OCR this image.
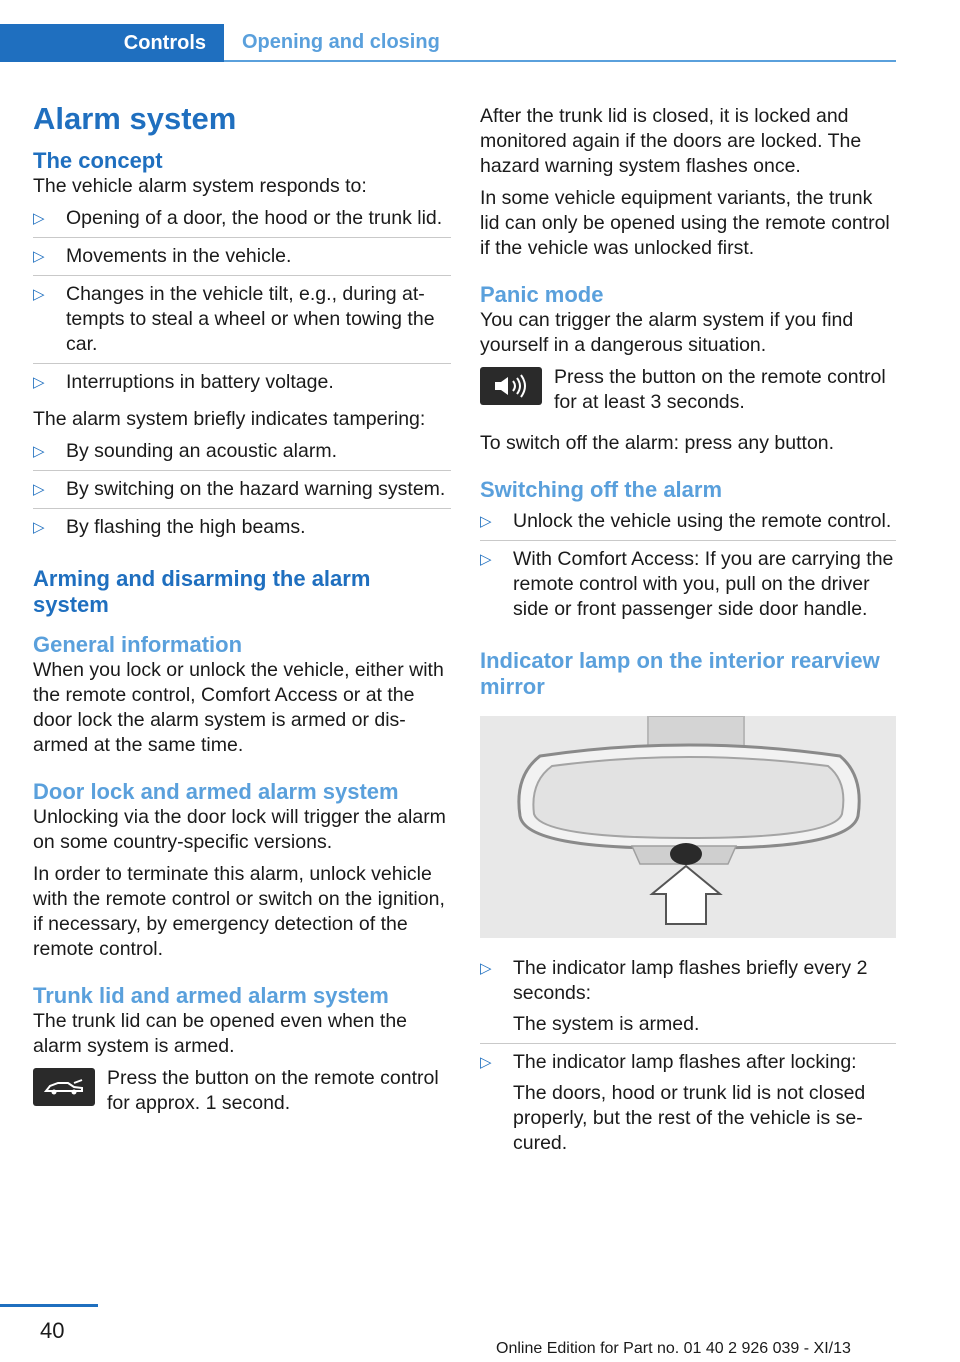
Controls	Opening and closing
Alarm system
The concept

The vehicle alarm system responds to:

▷ Opening of a door, the hood or the trunk lid.
▷ Movements in the vehicle.
▷ Changes in the vehicle tilt, e.g., during attempts to steal a wheel or when towing the car.
▷ Interruptions in battery voltage.

The alarm system briefly indicates tampering:

▷ By sounding an acoustic alarm.
▷ By switching on the hazard warning system.
▷ By flashing the high beams.
Arming and disarming the alarm system
General information

When you lock or unlock the vehicle, either with the remote control, Comfort Access or at the door lock the alarm system is armed or disarmed at the same time.

Door lock and armed alarm system

Unlocking via the door lock will trigger the alarm on some country-specific versions.

In order to terminate this alarm, unlock vehicle with the remote control or switch on the ignition, if necessary, by emergency detection of the remote control.

Trunk lid and armed alarm system

The trunk lid can be opened even when the alarm system is armed.

Press the button on the remote control for approx. 1 second.

After the trunk lid is closed, it is locked and monitored again if the doors are locked. The hazard warning system flashes once.

In some vehicle equipment variants, the trunk lid can only be opened using the remote control if the vehicle was unlocked first.

Panic mode

You can trigger the alarm system if you find yourself in a dangerous situation.

Press the button on the remote control for at least 3 seconds.

To switch off the alarm: press any button.

Switching off the alarm
▷ Unlock the vehicle using the remote control.
▷ With Comfort Access: If you are carrying the remote control with you, pull on the driver side or front passenger side door handle.
Indicator lamp on the interior rearview mirror
▷ The indicator lamp flashes briefly every 2 seconds:
The system is armed.
▷ The indicator lamp flashes after locking:
The doors, hood or trunk lid is not closed properly, but the rest of the vehicle is secured.
40
Online Edition for Part no. 01 40 2 926 039 - XI/13
